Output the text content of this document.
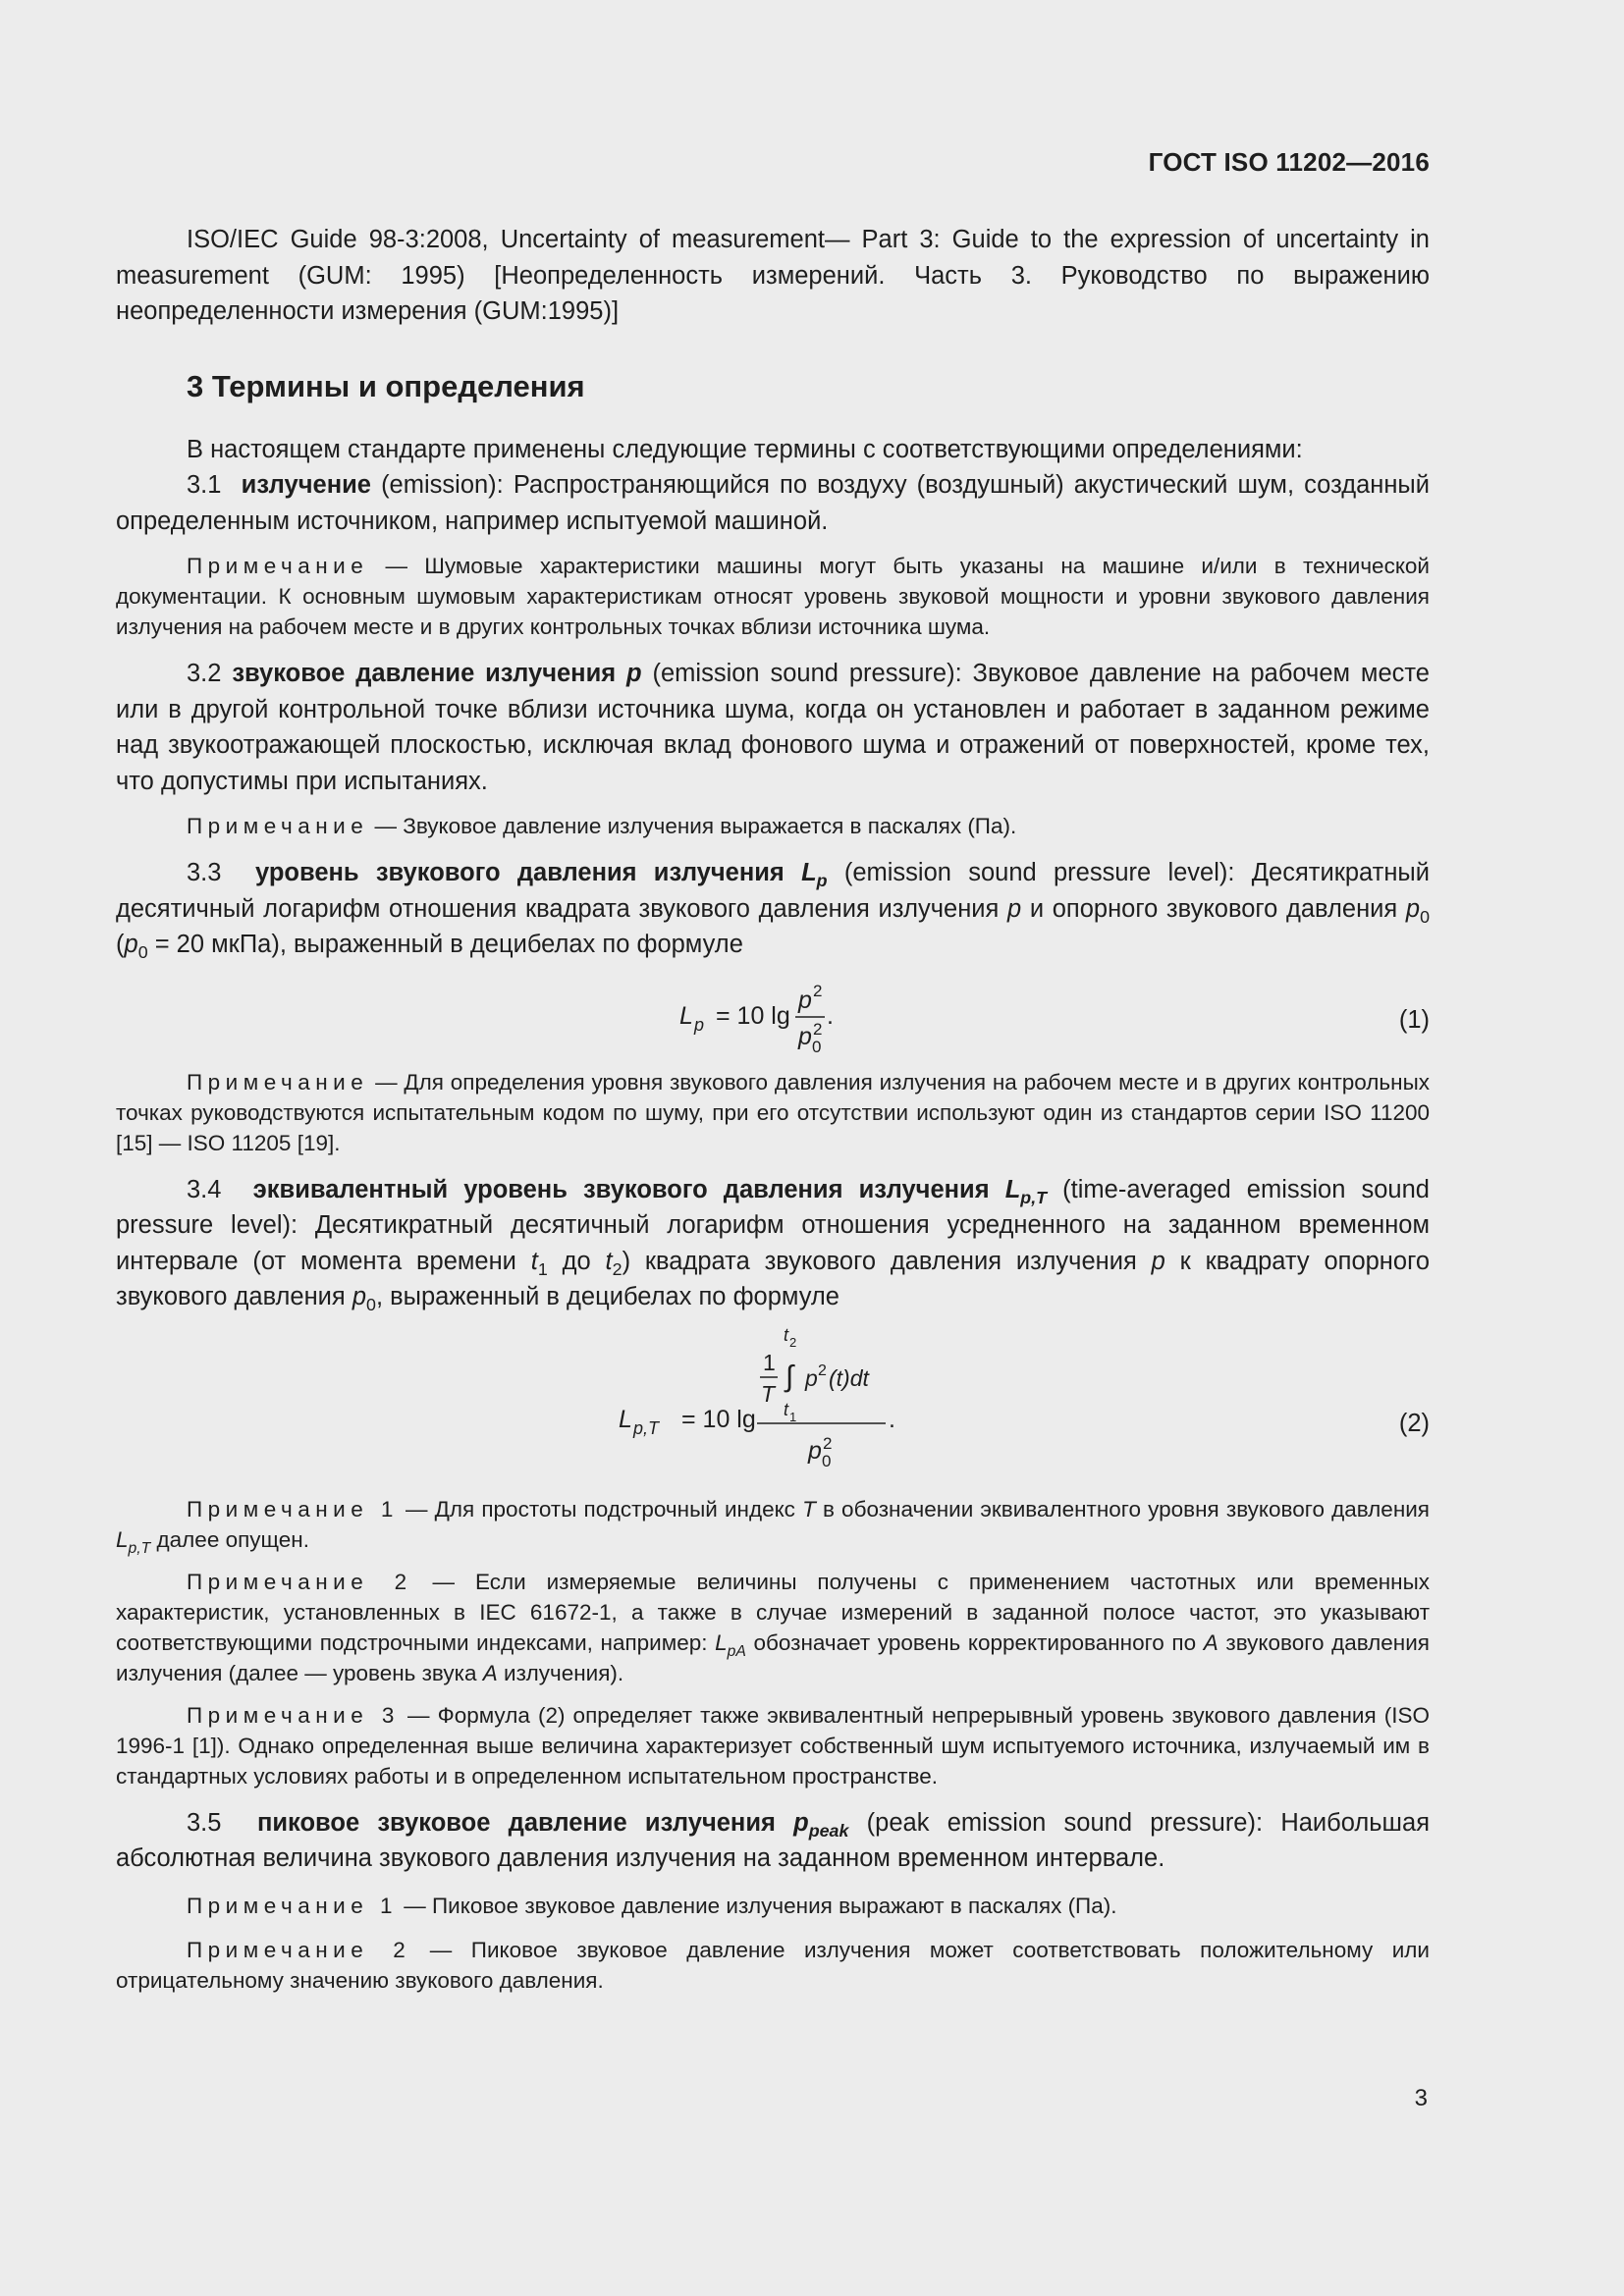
ГОСТ ISO 11202—2016

ISO/IEC Guide 98-3:2008, Uncertainty of measurement— Part 3: Guide to the expression of uncertainty in measurement (GUM: 1995) [Неопределенность измерений. Часть 3. Руководство по выражению неопределенности измерения (GUM:1995)]

3 Термины и определения

В настоящем стандарте применены следующие термины с соответствующими определениями:

3.1 излучение (emission): Распространяющийся по воздуху (воздушный) акустический шум, созданный определенным источником, например испытуемой машиной.

Примечание — Шумовые характеристики машины могут быть указаны на машине и/или в технической документации. К основным шумовым характеристикам относят уровень звуковой мощности и уровни звукового давления излучения на рабочем месте и в других контрольных точках вблизи источника шума.

3.2 звуковое давление излучения p (emission sound pressure): Звуковое давление на рабочем месте или в другой контрольной точке вблизи источника шума, когда он установлен и работает в заданном режиме над звукоотражающей плоскостью, исключая вклад фонового шума и отражений от поверхностей, кроме тех, что допустимы при испытаниях.

Примечание — Звуковое давление излучения выражается в паскалях (Па).

3.3 уровень звукового давления излучения $L_p$ (emission sound pressure level): Десятикратный десятичный логарифм отношения квадрата звукового давления излучения p и опорного звукового давления $p_0$ ($p_0 = 20$ мкПа), выраженный в децибелах по формуле

L p = 10 lg
p 2
p 2
0
.	(1)

Примечание — Для определения уровня звукового давления излучения на рабочем месте и в других контрольных точках руководствуются испытательным кодом по шуму, при его отсутствии используют один из стандартов серии ISO 11200 [15] — ISO 11205 [19].

3.4 эквивалентный уровень звукового давления излучения $L_{p,T}$ (time-averaged emission sound pressure level): Десятикратный десятичный логарифм отношения усредненного на заданном временном интервале (от момента времени $t_1$ до $t_2$) квадрата звукового давления излучения p к квадрату опорного звукового давления $p_0$, выраженный в децибелах по формуле

L p,T = 10 lg
1
T
∫
t 2
t 1
p 2 (t)dt
p 2
0
.	(2)

Примечание 1 — Для простоты подстрочный индекс T в обозначении эквивалентного уровня звукового давления $L_{p,T}$ далее опущен.

Примечание 2 — Если измеряемые величины получены с применением частотных или временных характеристик, установленных в IEC 61672-1, а также в случае измерений в заданной полосе частот, это указывают соответствующими подстрочными индексами, например: $L_{pA}$ обозначает уровень корректированного по A звукового давления излучения (далее — уровень звука A излучения).

Примечание 3 — Формула (2) определяет также эквивалентный непрерывный уровень звукового давления (ISO 1996-1 [1]). Однако определенная выше величина характеризует собственный шум испытуемого источника, излучаемый им в стандартных условиях работы и в определенном испытательном пространстве.

3.5 пиковое звуковое давление излучения $p_{peak}$ (peak emission sound pressure): Наибольшая абсолютная величина звукового давления излучения на заданном временном интервале.

Примечание 1 — Пиковое звуковое давление излучения выражают в паскалях (Па).

Примечание 2 — Пиковое звуковое давление излучения может соответствовать положительному или отрицательному значению звукового давления.

3
